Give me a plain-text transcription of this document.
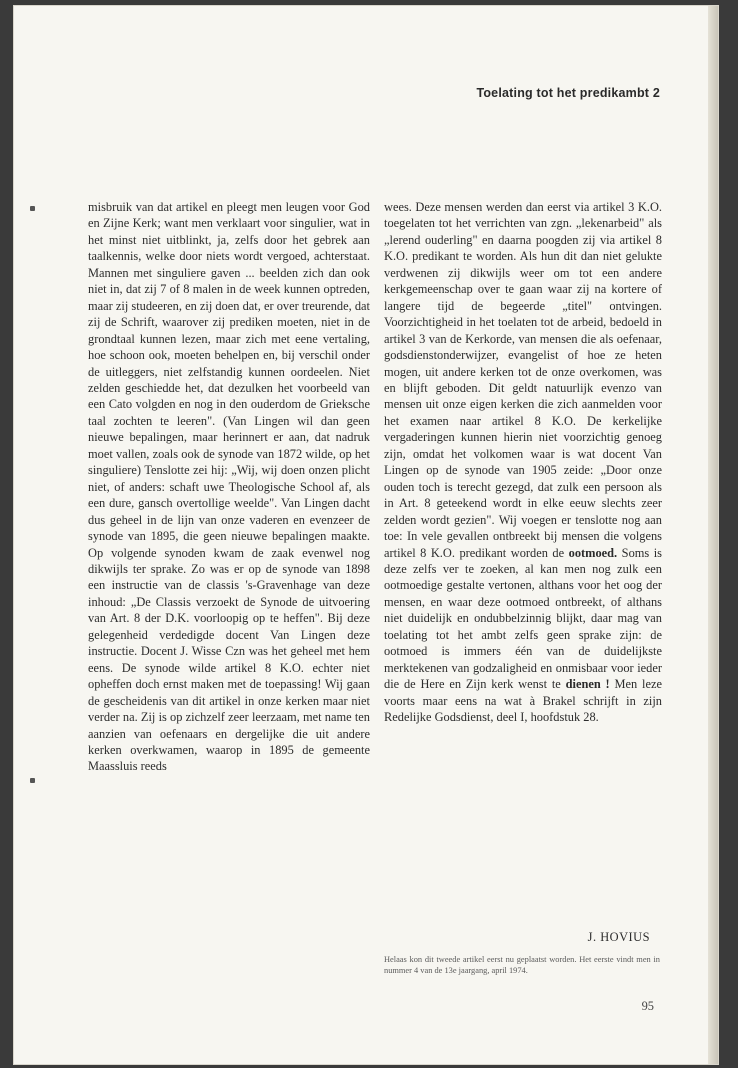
Toelating tot het predikambt 2

misbruik van dat artikel en pleegt men leugen voor God en Zijne Kerk; want men verklaart voor singulier, wat in het minst niet uitblinkt, ja, zelfs door het gebrek aan taalkennis, welke door niets wordt vergoed, achterstaat. Mannen met singuliere gaven ... beelden zich dan ook niet in, dat zij 7 of 8 malen in de week kunnen optreden, maar zij studeeren, en zij doen dat, er over treurende, dat zij de Schrift, waarover zij prediken moeten, niet in de grondtaal kunnen lezen, maar zich met eene vertaling, hoe schoon ook, moeten behelpen en, bij verschil onder de uitleggers, niet zelfstandig kunnen oordeelen. Niet zelden geschiedde het, dat dezulken het voorbeeld van een Cato volgden en nog in den ouderdom de Grieksche taal zochten te leeren". (Van Lingen wil dan geen nieuwe bepalingen, maar herinnert er aan, dat nadruk moet vallen, zoals ook de synode van 1872 wilde, op het singuliere) Tenslotte zei hij: „Wij, wij doen onzen plicht niet, of anders: schaft uwe Theologische School af, als een dure, gansch overtollige weelde". Van Lingen dacht dus geheel in de lijn van onze vaderen en evenzeer de synode van 1895, die geen nieuwe bepalingen maakte. Op volgende synoden kwam de zaak evenwel nog dikwijls ter sprake. Zo was er op de synode van 1898 een instructie van de classis 's-Gravenhage van deze inhoud: „De Classis verzoekt de Synode de uitvoering van Art. 8 der D.K. voorloopig op te heffen". Bij deze gelegenheid verdedigde docent Van Lingen deze instructie. Docent J. Wisse Czn was het geheel met hem eens. De synode wilde artikel 8 K.O. echter niet opheffen doch ernst maken met de toepassing! Wij gaan de gescheidenis van dit artikel in onze kerken maar niet verder na. Zij is op zichzelf zeer leerzaam, met name ten aanzien van oefenaars en dergelijke die uit andere kerken overkwamen, waarop in 1895 de gemeente Maassluis reeds

wees. Deze mensen werden dan eerst via artikel 3 K.O. toegelaten tot het verrichten van zgn. „lekenarbeid" als „lerend ouderling" en daarna poogden zij via artikel 8 K.O. predikant te worden. Als hun dit dan niet gelukte verdwenen zij dikwijls weer om tot een andere kerkgemeenschap over te gaan waar zij na kortere of langere tijd de begeerde „titel" ontvingen. Voorzichtigheid in het toelaten tot de arbeid, bedoeld in artikel 3 van de Kerkorde, van mensen die als oefenaar, godsdienstonderwijzer, evangelist of hoe ze heten mogen, uit andere kerken tot de onze overkomen, was en blijft geboden. Dit geldt natuurlijk evenzo van mensen uit onze eigen kerken die zich aanmelden voor het examen naar artikel 8 K.O. De kerkelijke vergaderingen kunnen hierin niet voorzichtig genoeg zijn, omdat het volkomen waar is wat docent Van Lingen op de synode van 1905 zeide: „Door onze ouden toch is terecht gezegd, dat zulk een persoon als in Art. 8 geteekend wordt in elke eeuw slechts zeer zelden wordt gezien". Wij voegen er tenslotte nog aan toe: In vele gevallen ontbreekt bij mensen die volgens artikel 8 K.O. predikant worden de ootmoed. Soms is deze zelfs ver te zoeken, al kan men nog zulk een ootmoedige gestalte vertonen, althans voor het oog der mensen, en waar deze ootmoed ontbreekt, of althans niet duidelijk en ondubbelzinnig blijkt, daar mag van toelating tot het ambt zelfs geen sprake zijn: de ootmoed is immers één van de duidelijkste merktekenen van godzaligheid en onmisbaar voor ieder die de Here en Zijn kerk wenst te dienen ! Men leze voorts maar eens na wat à Brakel schrijft in zijn Redelijke Godsdienst, deel I, hoofdstuk 28.

J. HOVIUS
Helaas kon dit tweede artikel eerst nu geplaatst worden. Het eerste vindt men in nummer 4 van de 13e jaargang, april 1974.
95
